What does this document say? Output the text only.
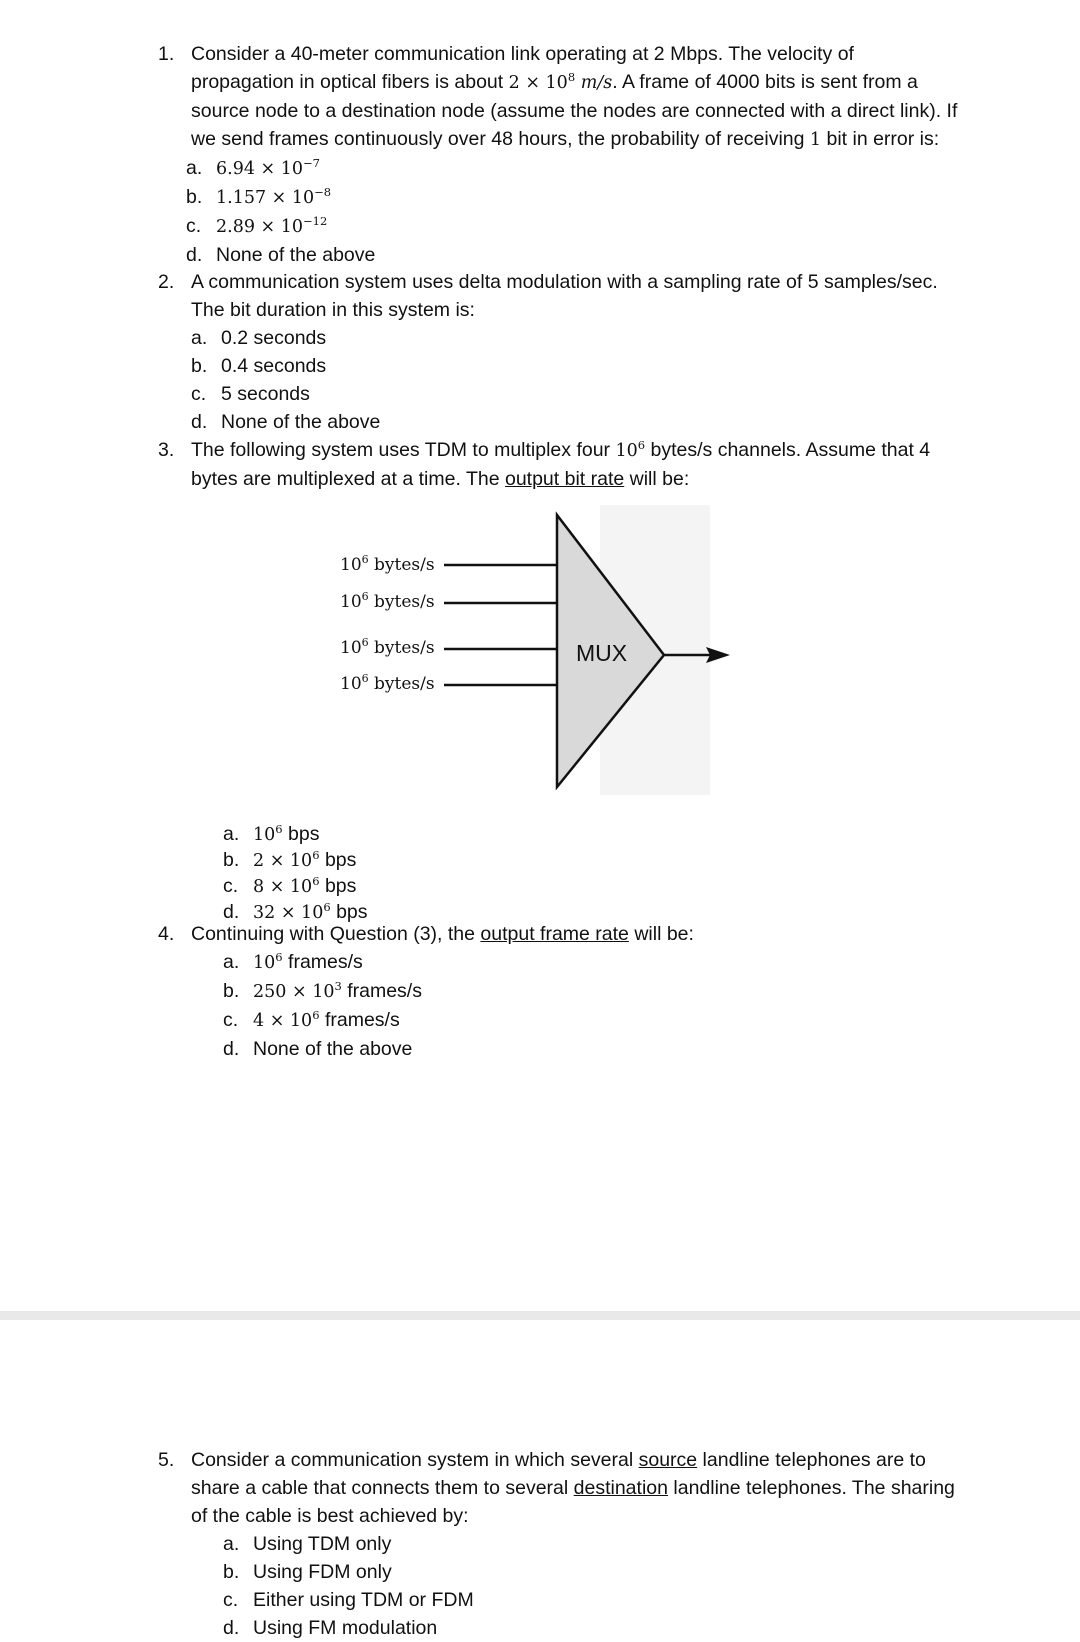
1. Consider a 40-meter communication link operating at 2 Mbps. The velocity of propagation in optical fibers is about $2 \times 10^8$ m/s. A frame of 4000 bits is sent from a source node to a destination node (assume the nodes are connected with a direct link). If we send frames continuously over 48 hours, the probability of receiving 1 bit in error is:
a. $6.94 \times 10^{-7}$
b. $1.157 \times 10^{-8}$
c. $2.89 \times 10^{-12}$
d. None of the above
2. A communication system uses delta modulation with a sampling rate of 5 samples/sec. The bit duration in this system is:
a. 0.2 seconds
b. 0.4 seconds
c. 5 seconds
d. None of the above
3. The following system uses TDM to multiplex four $10^6$ bytes/s channels. Assume that 4 bytes are multiplexed at a time. The output bit rate will be:
$10^6$ bytes/s
$10^6$ bytes/s
$10^6$ bytes/s
$10^6$ bytes/s
MUX
a. $10^6$ bps
b. $2 \times 10^6$ bps
c. $8 \times 10^6$ bps
d. $32 \times 10^6$ bps
4. Continuing with Question (3), the output frame rate will be:
a. $10^6$ frames/s
b. $250 \times 10^3$ frames/s
c. $4 \times 10^6$ frames/s
d. None of the above
5. Consider a communication system in which several source landline telephones are to share a cable that connects them to several destination landline telephones. The sharing of the cable is best achieved by:
a. Using TDM only
b. Using FDM only
c. Either using TDM or FDM
d. Using FM modulation
